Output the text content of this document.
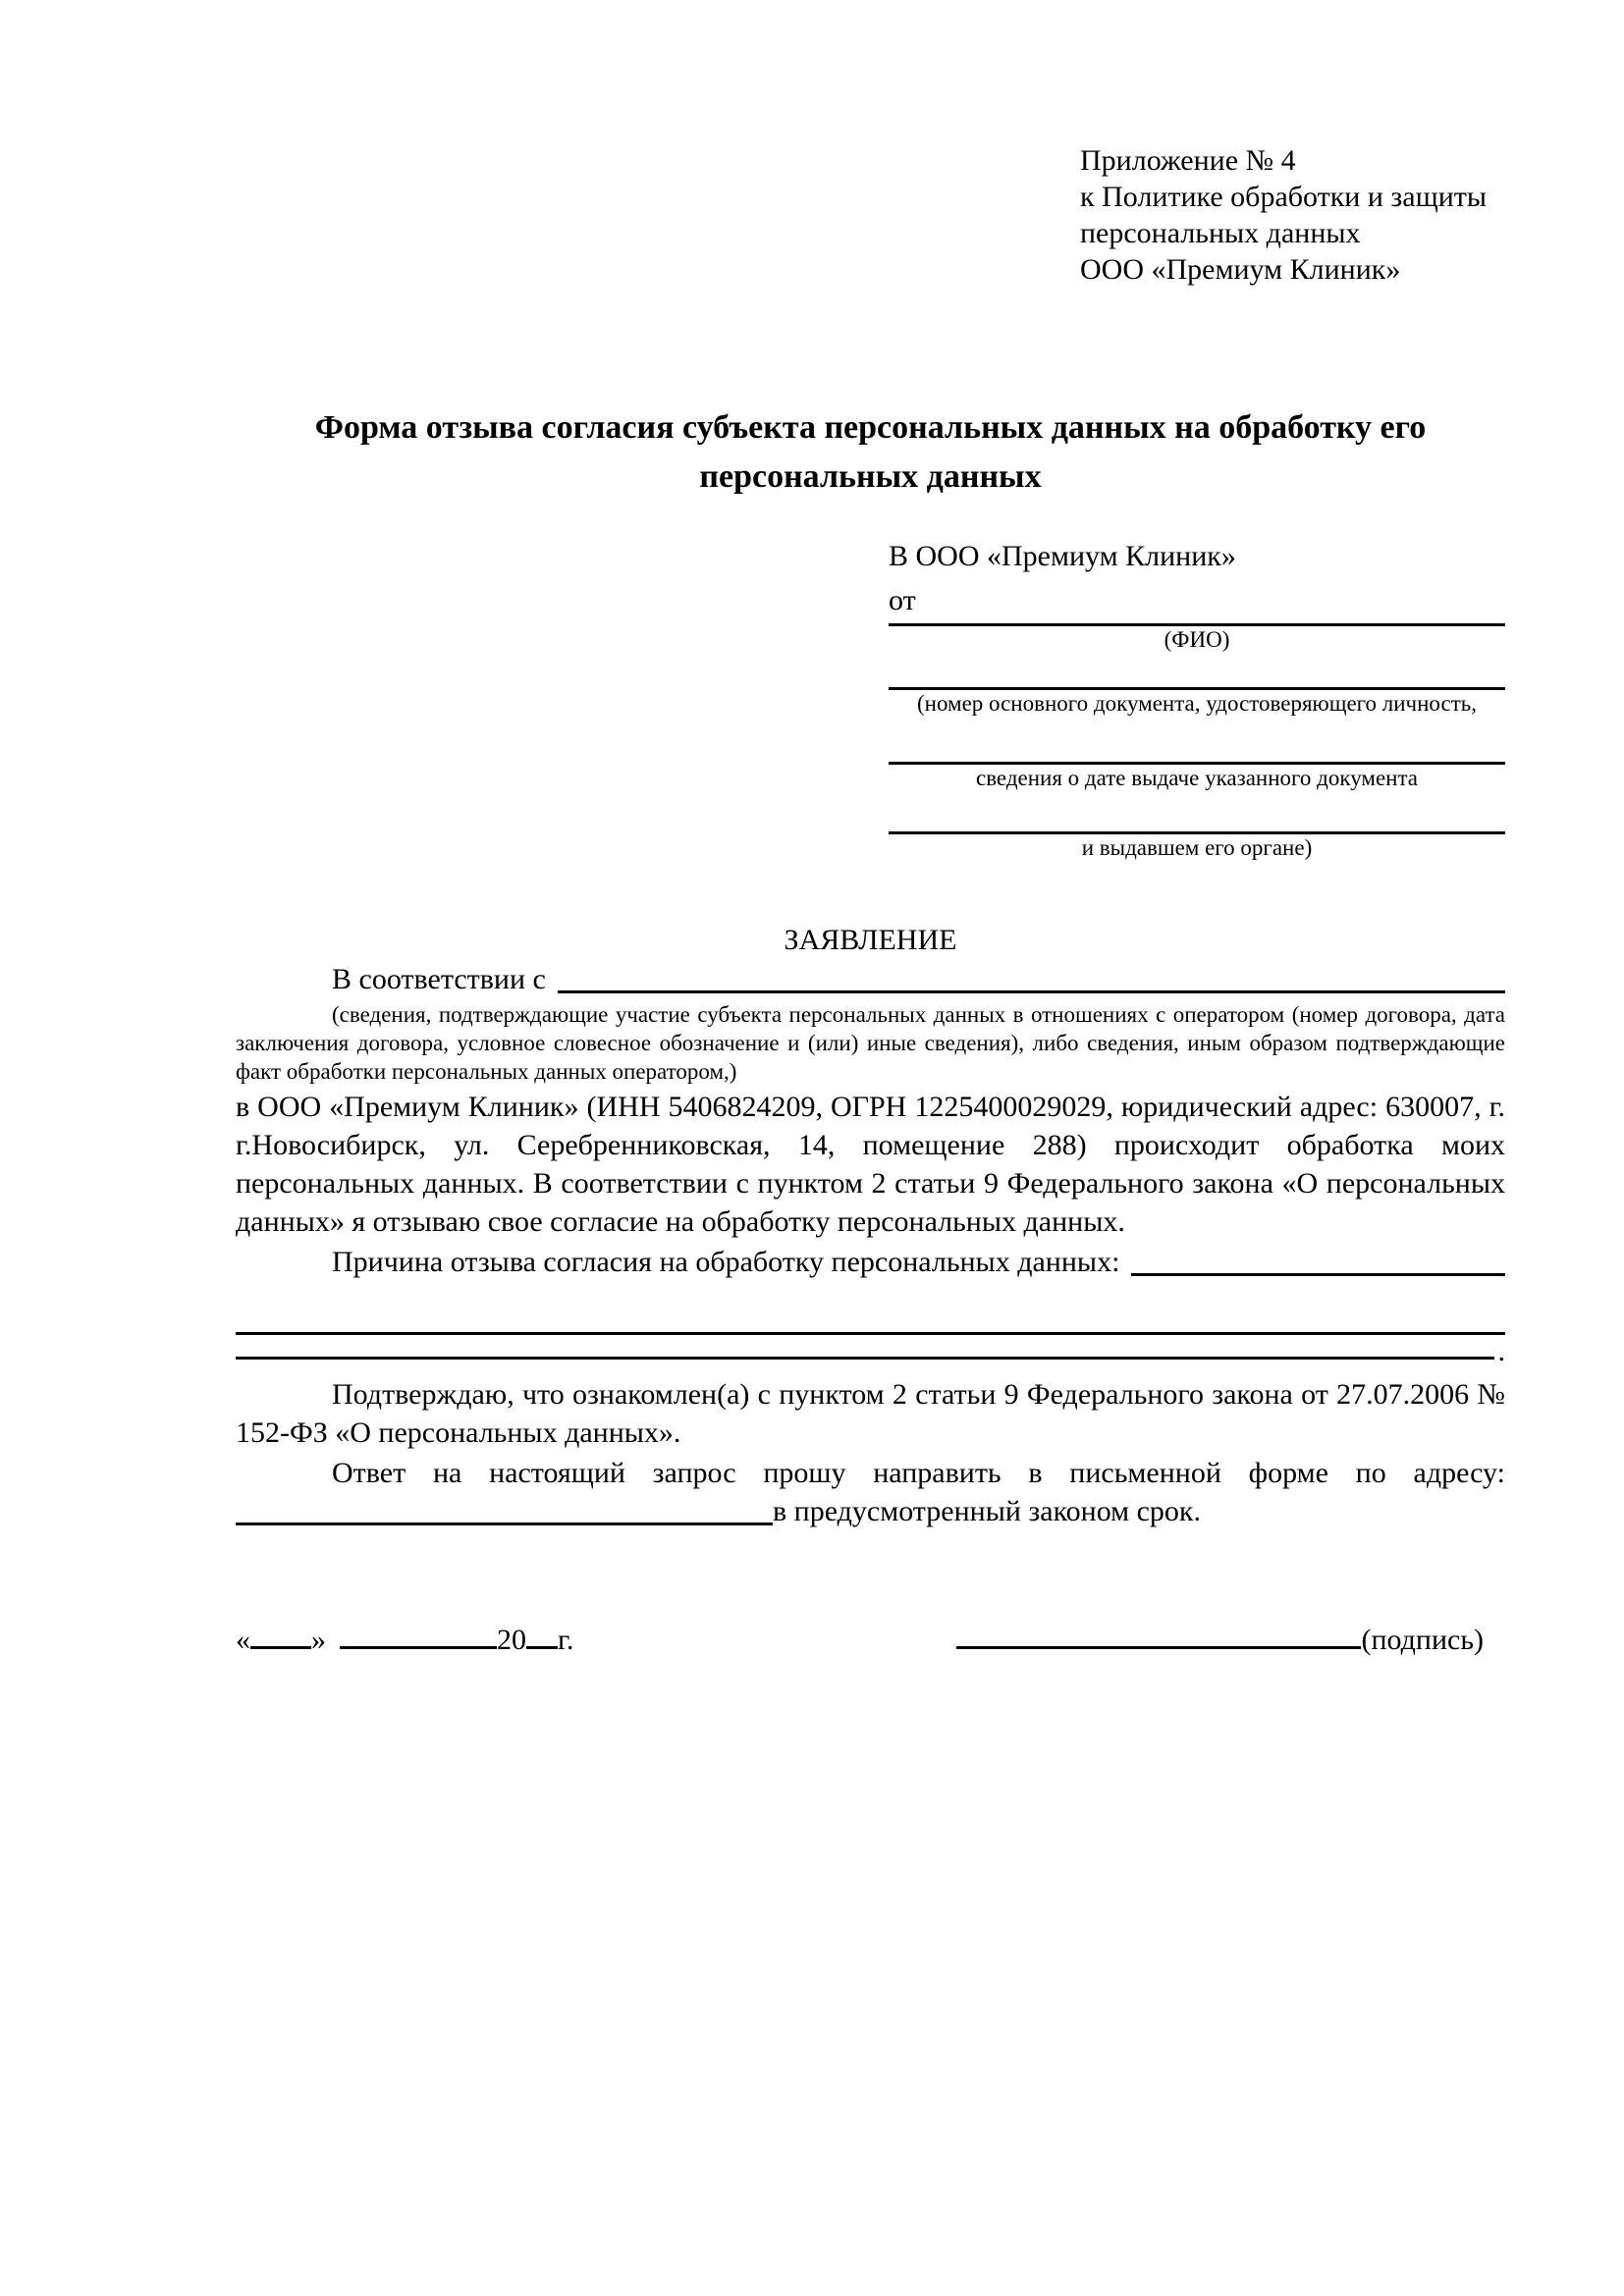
Приложение № 4
к Политике обработки и защиты
персональных данных
ООО «Премиум Клиник»
Форма отзыва согласия субъекта персональных данных на обработку его персональных данных
В ООО «Премиум Клиник»
от
(ФИО)
(номер основного документа, удостоверяющего личность,
сведения о дате выдаче указанного документа
и выдавшем его органе)
ЗАЯВЛЕНИЕ
В соответствии с

(сведения, подтверждающие участие субъекта персональных данных в отношениях с оператором (номер договора, дата заключения договора, условное словесное обозначение и (или) иные сведения), либо сведения, иным образом подтверждающие факт обработки персональных данных оператором,)

в ООО «Премиум Клиник» (ИНН 5406824209, ОГРН 1225400029029, юридический адрес: 630007, г. г.Новосибирск, ул. Серебренниковская, 14, помещение 288) происходит обработка моих персональных данных. В соответствии с пунктом 2 статьи 9 Федерального закона «О персональных данных» я отзываю свое согласие на обработку персональных данных.

Причина отзыва согласия на обработку персональных данных:
.

Подтверждаю, что ознакомлен(а) с пунктом 2 статьи 9 Федерального закона от 27.07.2006 № 152-ФЗ «О персональных данных».

Ответ на настоящий запрос прошу направить в письменной форме по адресу:
в предусмотренный законом срок.
« »	20 г.	(подпись)
